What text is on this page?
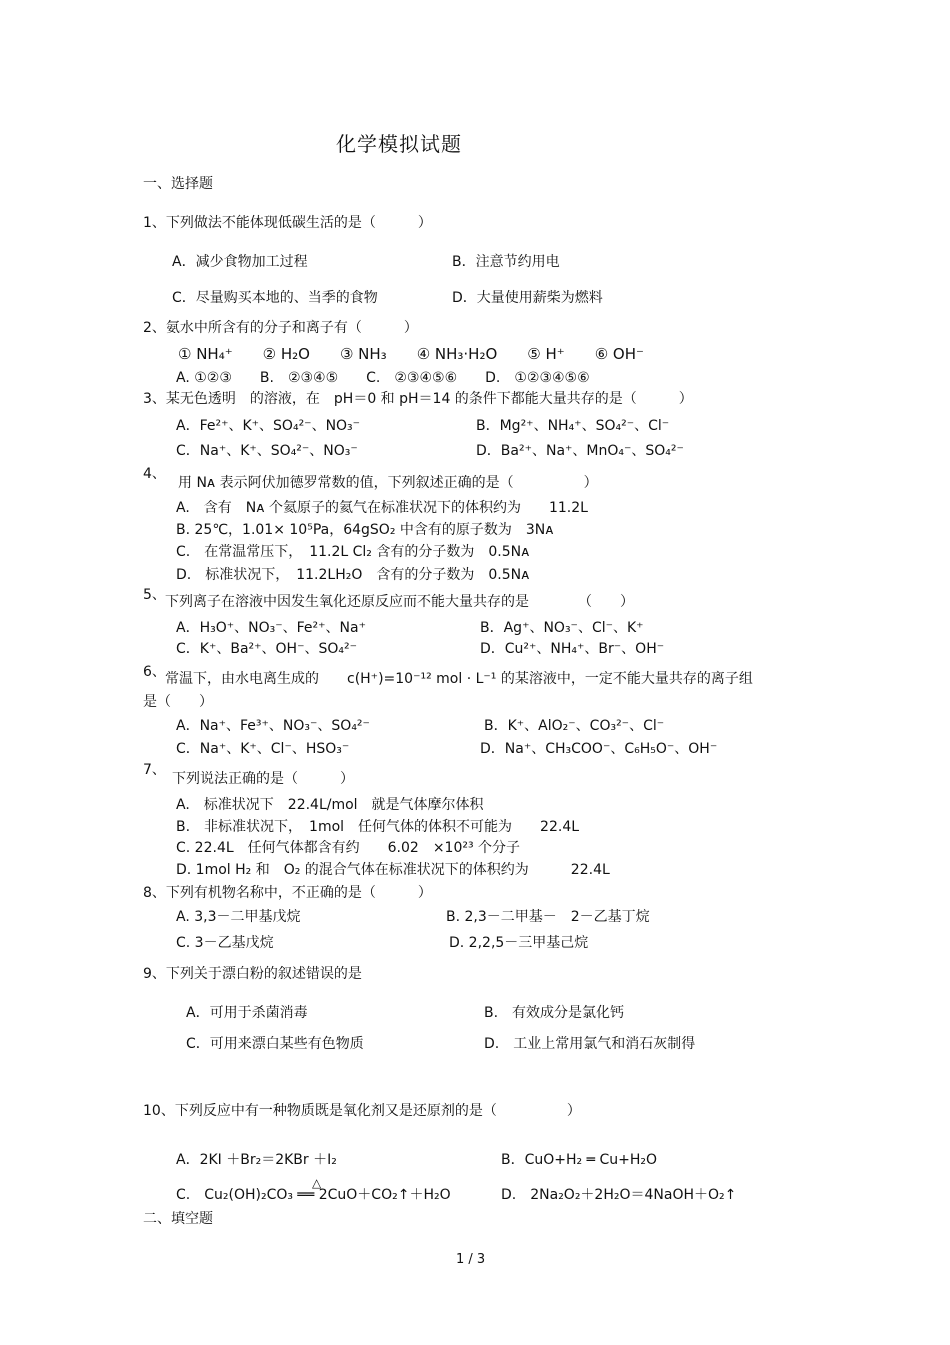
化学模拟试题
一、选择题
1、下列做法不能体现低碳生活的是（　　　）
A．减少食物加工过程	B．注意节约用电
C．尽量购买本地的、当季的食物	D．大量使用薪柴为燃料
2、氨水中所含有的分子和离子有（　　　）
① NH₄⁺　　② H₂O　　③ NH₃　　④ NH₃·H₂O　　⑤ H⁺　　⑥ OH⁻
A. ①②③　　B.　②③④⑤　　C.　②③④⑤⑥　　D.　①②③④⑤⑥
3、某无色透明　的溶液，在　pH＝0 和 pH＝14 的条件下都能大量共存的是（　　　）
A．Fe²⁺、K⁺、SO₄²⁻、NO₃⁻	B．Mg²⁺、NH₄⁺、SO₄²⁻、Cl⁻
C．Na⁺、K⁺、SO₄²⁻、NO₃⁻	D．Ba²⁺、Na⁺、MnO₄⁻、SO₄²⁻
4、
用 Nᴀ 表示阿伏加德罗常数的值，下列叙述正确的是（　　　　　）
A.　含有　Nᴀ 个氦原子的氦气在标准状况下的体积约为　　11.2L
B. 25℃，1.01× 10⁵Pa，64gSO₂ 中含有的原子数为　3Nᴀ
C.　在常温常压下，　11.2L Cl₂ 含有的分子数为　0.5Nᴀ
D.　标准状况下，　11.2LH₂O　含有的分子数为　0.5Nᴀ
5、 下列离子在溶液中因发生氧化还原反应而不能大量共存的是　　　　（　　）
A．H₃O⁺、NO₃⁻、Fe²⁺、Na⁺	B．Ag⁺、NO₃⁻、Cl⁻、K⁺
C．K⁺、Ba²⁺、OH⁻、SO₄²⁻	D．Cu²⁺、NH₄⁺、Br⁻、OH⁻
6、 常温下，由水电离生成的　　c(H⁺)=10⁻¹² mol · L⁻¹ 的某溶液中，一定不能大量共存的离子组
是（　　）
A．Na⁺、Fe³⁺、NO₃⁻、SO₄²⁻	B．K⁺、AlO₂⁻、CO₃²⁻、Cl⁻
C．Na⁺、K⁺、Cl⁻、HSO₃⁻	D．Na⁺、CH₃COO⁻、C₆H₅O⁻、OH⁻
7、
下列说法正确的是（　　　）
A.　标准状况下　22.4L/mol　就是气体摩尔体积
B.　非标准状况下，　1mol　任何气体的体积不可能为　　22.4L
C. 22.4L　任何气体都含有约　　6.02　×10²³ 个分子
D. 1mol H₂ 和　O₂ 的混合气体在标准状况下的体积约为　　　22.4L
8、下列有机物名称中，不正确的是（　　　）
A. 3,3－二甲基戊烷	B. 2,3－二甲基－　2－乙基丁烷
C. 3－乙基戊烷	D. 2,2,5－三甲基己烷
9、下列关于漂白粉的叙述错误的是
A．可用于杀菌消毒	B.　有效成分是氯化钙
C．可用来漂白某些有色物质	D.　工业上常用氯气和消石灰制得
10、下列反应中有一种物质既是氧化剂又是还原剂的是（　　　　　）
A．2KI ＋Br₂＝2KBr ＋I₂	B．CuO+H₂ ═ Cu+H₂O
△
C.　Cu₂(OH)₂CO₃ ══ 2CuO＋CO₂↑＋H₂O	D.　2Na₂O₂＋2H₂O＝4NaOH＋O₂↑
二、填空题
1 / 3
